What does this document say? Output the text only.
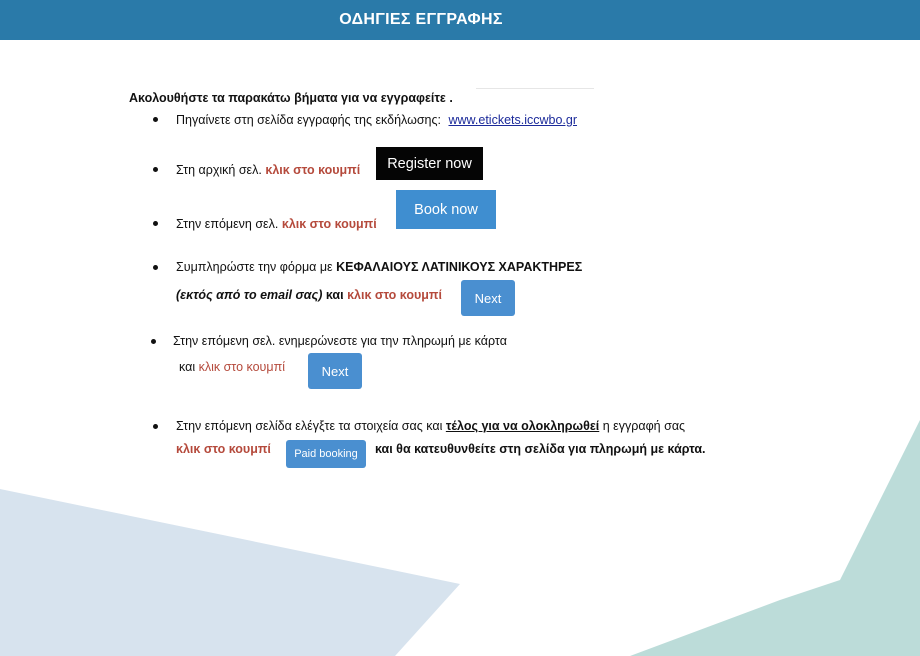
ΟΔΗΓΙΕΣ ΕΓΓΡΑΦΗΣ
Ακολουθήστε τα παρακάτω βήματα για να εγγραφείτε .
Πηγαίνετε στη σελίδα εγγραφής της εκδήλωσης: www.etickets.iccwbo.gr
Στη αρχική σελ. κλικ στο κουμπί	Register now
Στην επόμενη σελ. κλικ στο κουμπί
Book now
Συμπληρώστε την φόρμα με ΚΕΦΑΛΑΙΟΥΣ ΛΑΤΙΝΙΚΟΥΣ ΧΑΡΑΚΤΗΡΕΣ
(εκτός από το email σας) και κλικ στο κουμπί	Next
Στην επόμενη σελ. ενημερώνεστε για την πληρωμή με κάρτα
και κλικ στο κουμπί	Next
Στην επόμενη σελίδα ελέγξτε τα στοιχεία σας και τέλος για να ολοκληρωθεί η εγγραφή σας
κλικ στο κουμπί	Paid booking	και θα κατευθυνθείτε στη σελίδα για πληρωμή με κάρτα.
